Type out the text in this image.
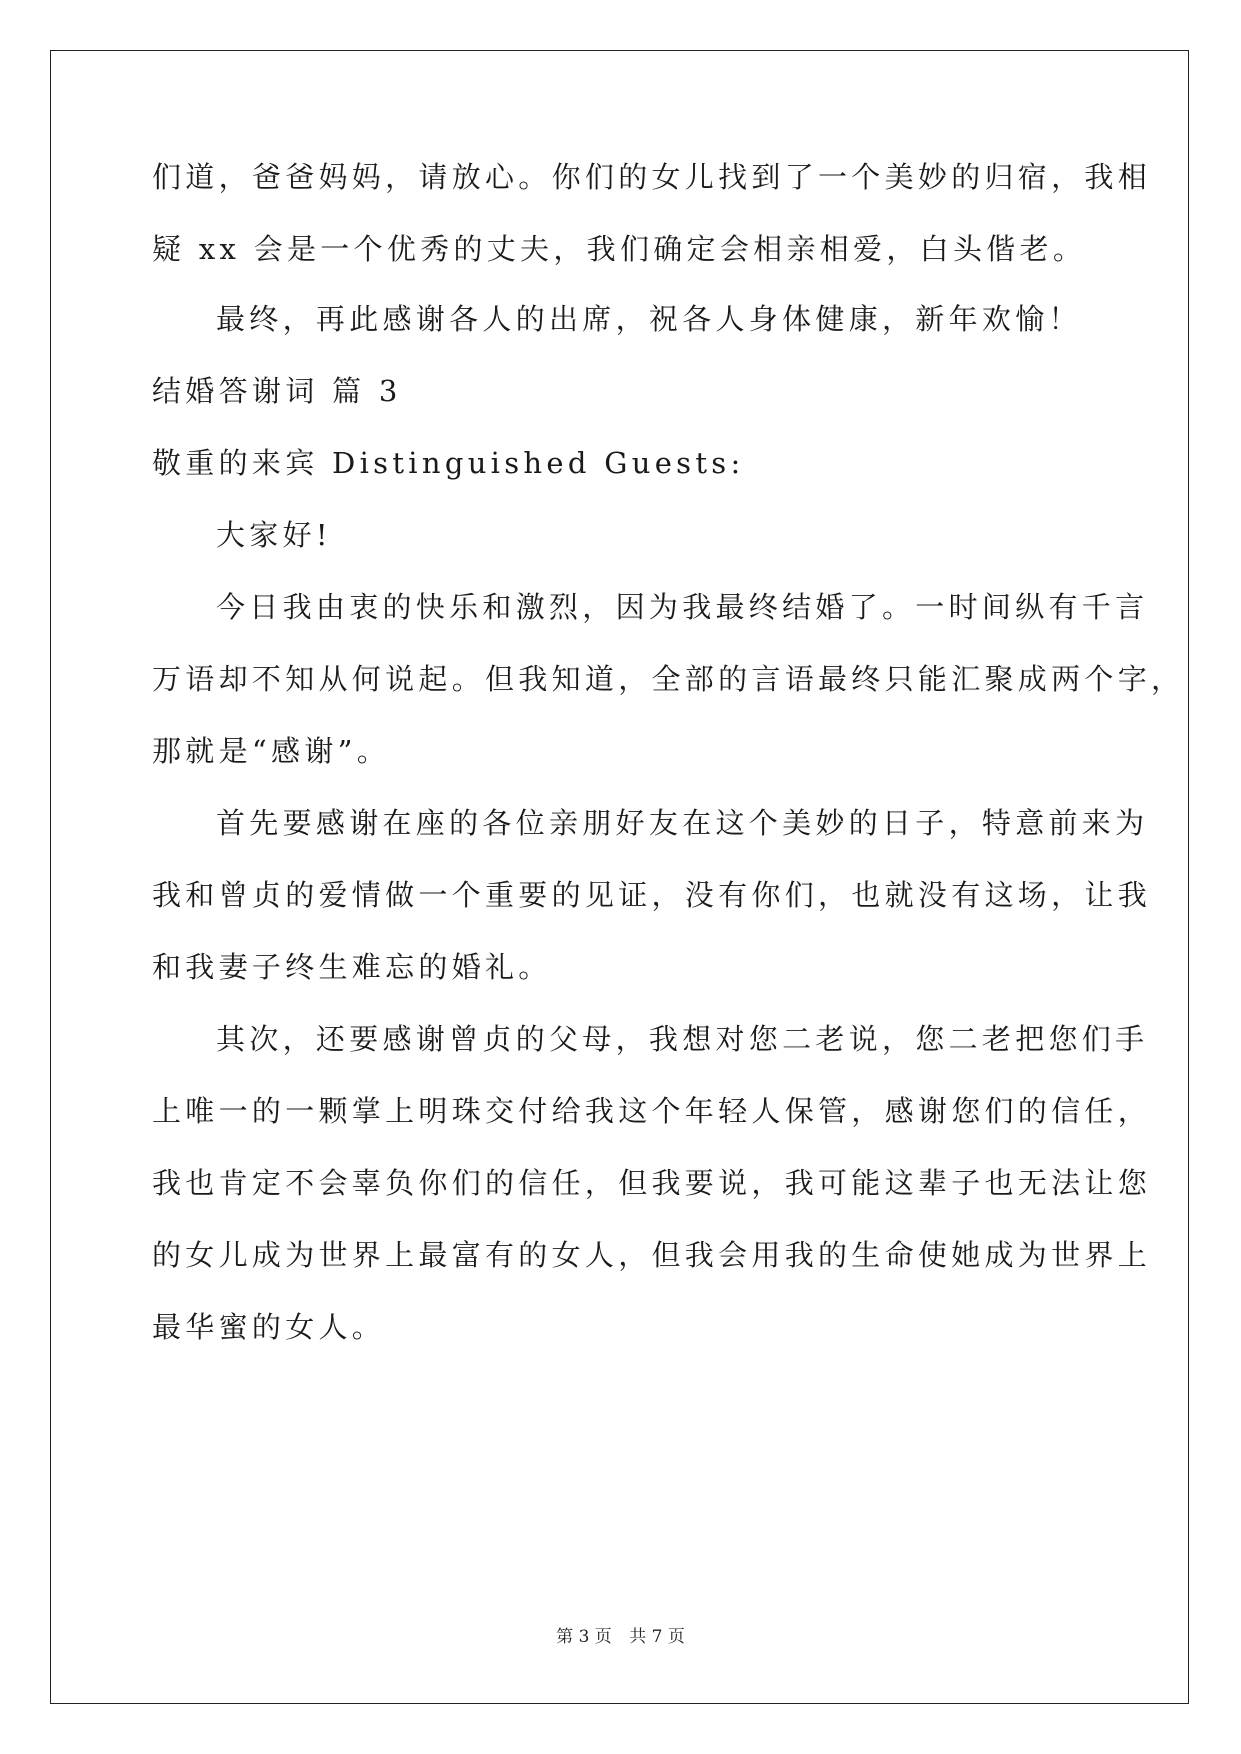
们道，爸爸妈妈，请放心。你们的女儿找到了一个美妙的归宿，我相
疑 xx 会是一个优秀的丈夫，我们确定会相亲相爱，白头偕老。
最终，再此感谢各人的出席，祝各人身体健康，新年欢愉！
结婚答谢词 篇 3
敬重的来宾 Distinguished Guests:
大家好!
今日我由衷的快乐和激烈，因为我最终结婚了。一时间纵有千言
万语却不知从何说起。但我知道，全部的言语最终只能汇聚成两个字，
那就是“感谢”。
首先要感谢在座的各位亲朋好友在这个美妙的日子，特意前来为
我和曾贞的爱情做一个重要的见证，没有你们，也就没有这场，让我
和我妻子终生难忘的婚礼。
其次，还要感谢曾贞的父母，我想对您二老说，您二老把您们手
上唯一的一颗掌上明珠交付给我这个年轻人保管，感谢您们的信任，
我也肯定不会辜负你们的信任，但我要说，我可能这辈子也无法让您
的女儿成为世界上最富有的女人，但我会用我的生命使她成为世界上
最华蜜的女人。
第 3 页 共 7 页
